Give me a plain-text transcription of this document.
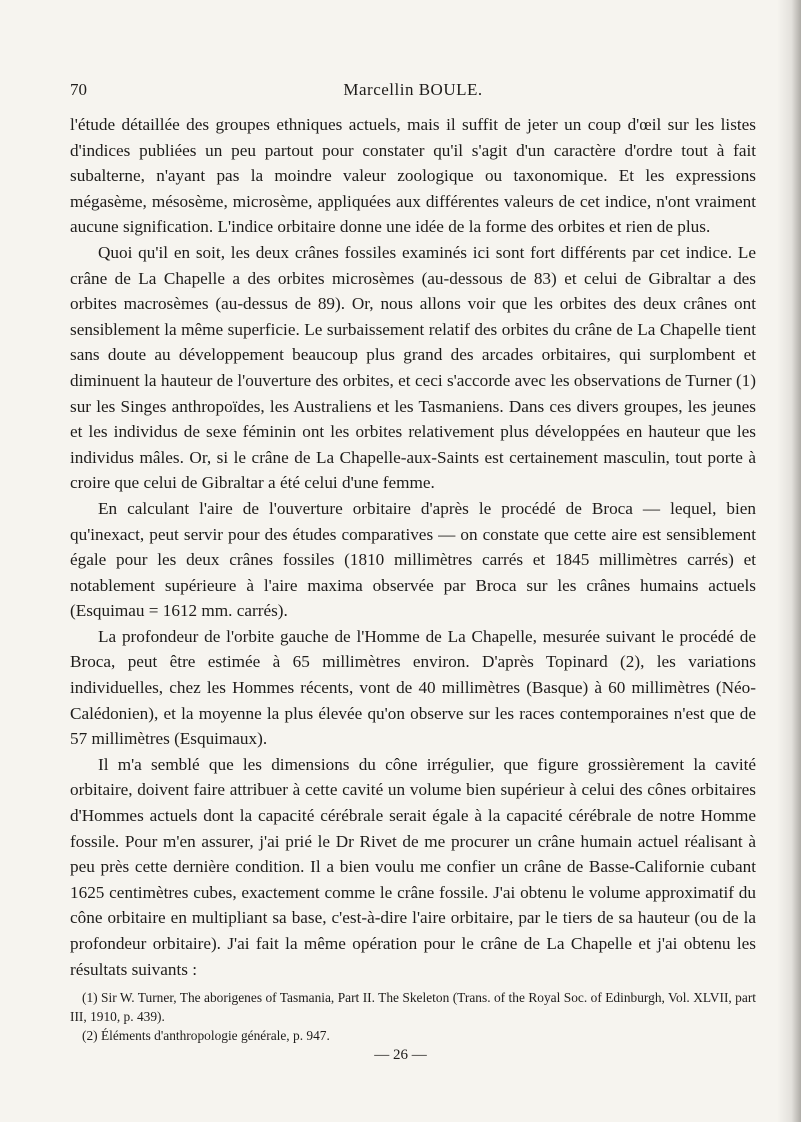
70	Marcellin BOULE.

l'étude détaillée des groupes ethniques actuels, mais il suffit de jeter un coup d'œil sur les listes d'indices publiées un peu partout pour constater qu'il s'agit d'un caractère d'ordre tout à fait subalterne, n'ayant pas la moindre valeur zoologique ou taxonomique. Et les expressions mégasème, mésosème, microsème, appliquées aux différentes valeurs de cet indice, n'ont vraiment aucune signification. L'indice orbitaire donne une idée de la forme des orbites et rien de plus.

Quoi qu'il en soit, les deux crânes fossiles examinés ici sont fort différents par cet indice. Le crâne de La Chapelle a des orbites microsèmes (au-dessous de 83) et celui de Gibraltar a des orbites macrosèmes (au-dessus de 89). Or, nous allons voir que les orbites des deux crânes ont sensiblement la même superficie. Le surbaissement relatif des orbites du crâne de La Chapelle tient sans doute au développement beaucoup plus grand des arcades orbitaires, qui surplombent et diminuent la hauteur de l'ouverture des orbites, et ceci s'accorde avec les observations de Turner (1) sur les Singes anthropoïdes, les Australiens et les Tasmaniens. Dans ces divers groupes, les jeunes et les individus de sexe féminin ont les orbites relativement plus développées en hauteur que les individus mâles. Or, si le crâne de La Chapelle-aux-Saints est certainement masculin, tout porte à croire que celui de Gibraltar a été celui d'une femme.

En calculant l'aire de l'ouverture orbitaire d'après le procédé de Broca — lequel, bien qu'inexact, peut servir pour des études comparatives — on constate que cette aire est sensiblement égale pour les deux crânes fossiles (1810 millimètres carrés et 1845 millimètres carrés) et notablement supérieure à l'aire maxima observée par Broca sur les crânes humains actuels (Esquimau = 1612 mm. carrés).

La profondeur de l'orbite gauche de l'Homme de La Chapelle, mesurée suivant le procédé de Broca, peut être estimée à 65 millimètres environ. D'après Topinard (2), les variations individuelles, chez les Hommes récents, vont de 40 millimètres (Basque) à 60 millimètres (Néo-Calédonien), et la moyenne la plus élevée qu'on observe sur les races contemporaines n'est que de 57 millimètres (Esquimaux).

Il m'a semblé que les dimensions du cône irrégulier, que figure grossièrement la cavité orbitaire, doivent faire attribuer à cette cavité un volume bien supérieur à celui des cônes orbitaires d'Hommes actuels dont la capacité cérébrale serait égale à la capacité cérébrale de notre Homme fossile. Pour m'en assurer, j'ai prié le Dr Rivet de me procurer un crâne humain actuel réalisant à peu près cette dernière condition. Il a bien voulu me confier un crâne de Basse-Californie cubant 1625 centimètres cubes, exactement comme le crâne fossile. J'ai obtenu le volume approximatif du cône orbitaire en multipliant sa base, c'est-à-dire l'aire orbitaire, par le tiers de sa hauteur (ou de la profondeur orbitaire). J'ai fait la même opération pour le crâne de La Chapelle et j'ai obtenu les résultats suivants :

(1) Sir W. Turner, The aborigenes of Tasmania, Part II. The Skeleton (Trans. of the Royal Soc. of Edinburgh, Vol. XLVII, part III, 1910, p. 439).

(2) Éléments d'anthropologie générale, p. 947.

— 26 —
